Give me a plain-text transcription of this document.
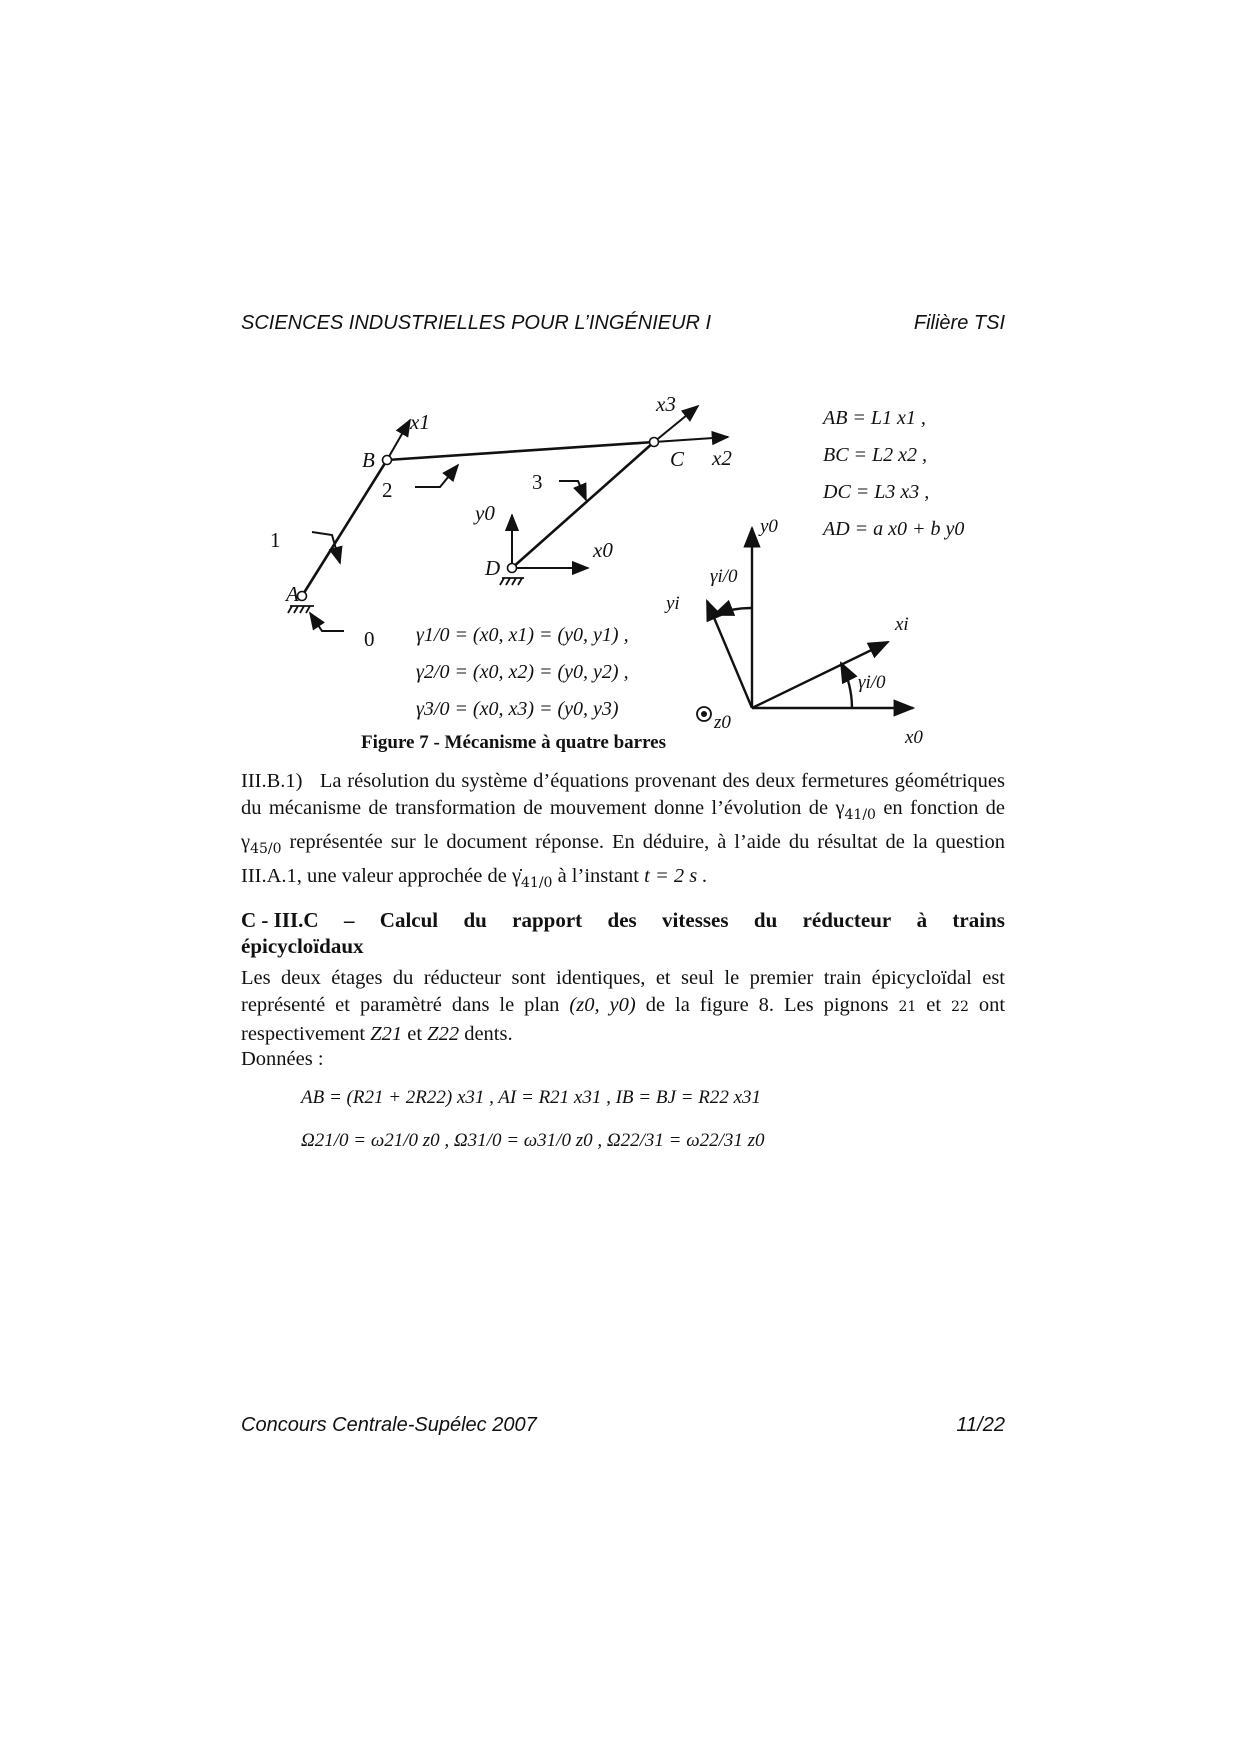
SCIENCES INDUSTRIELLES POUR L’INGÉNIEUR I	Filière TSI
A
B	C
D
1
2	3
0
x1
x3
x2
x0
y0
γ1/0 = (x0, x1) = (y0, y1) ,
γ2/0 = (x0, x2) = (y0, y2) ,
γ3/0 = (x0, x3) = (y0, y3)
AB = L1 x1 ,
BC = L2 x2 ,
DC = L3 x3 ,
AD = a x0 + b y0
xi
yi
y0
x0
z0
γi/0
γi/0
Figure 7 - Mécanisme à quatre barres
III.B.1) La résolution du système d’équations provenant des deux fermetures géométriques du mécanisme de transformation de mouvement donne l’évolution de $\gamma_{41/0}$ en fonction de $\gamma_{45/0}$ représentée sur le document réponse. En déduire, à l’aide du résultat de la question III.A.1, une valeur approchée de $\gammȧ_{41/0}$ à l’instant t = 2 s .
C - III.C – Calcul du rapport des vitesses du réducteur à trains
épicycloïdaux
Les deux étages du réducteur sont identiques, et seul le premier train épicycloïdal est représenté et paramètré dans le plan (z0, y0) de la figure 8. Les pignons 21 et 22 ont respectivement Z21 et Z22 dents.
Données :
AB = (R21 + 2R22) x31 , AI = R21 x31 , IB = BJ = R22 x31
Ω21/0 = ω21/0 z0 , Ω31/0 = ω31/0 z0 , Ω22/31 = ω22/31 z0
Concours Centrale-Supélec 2007	11/22
